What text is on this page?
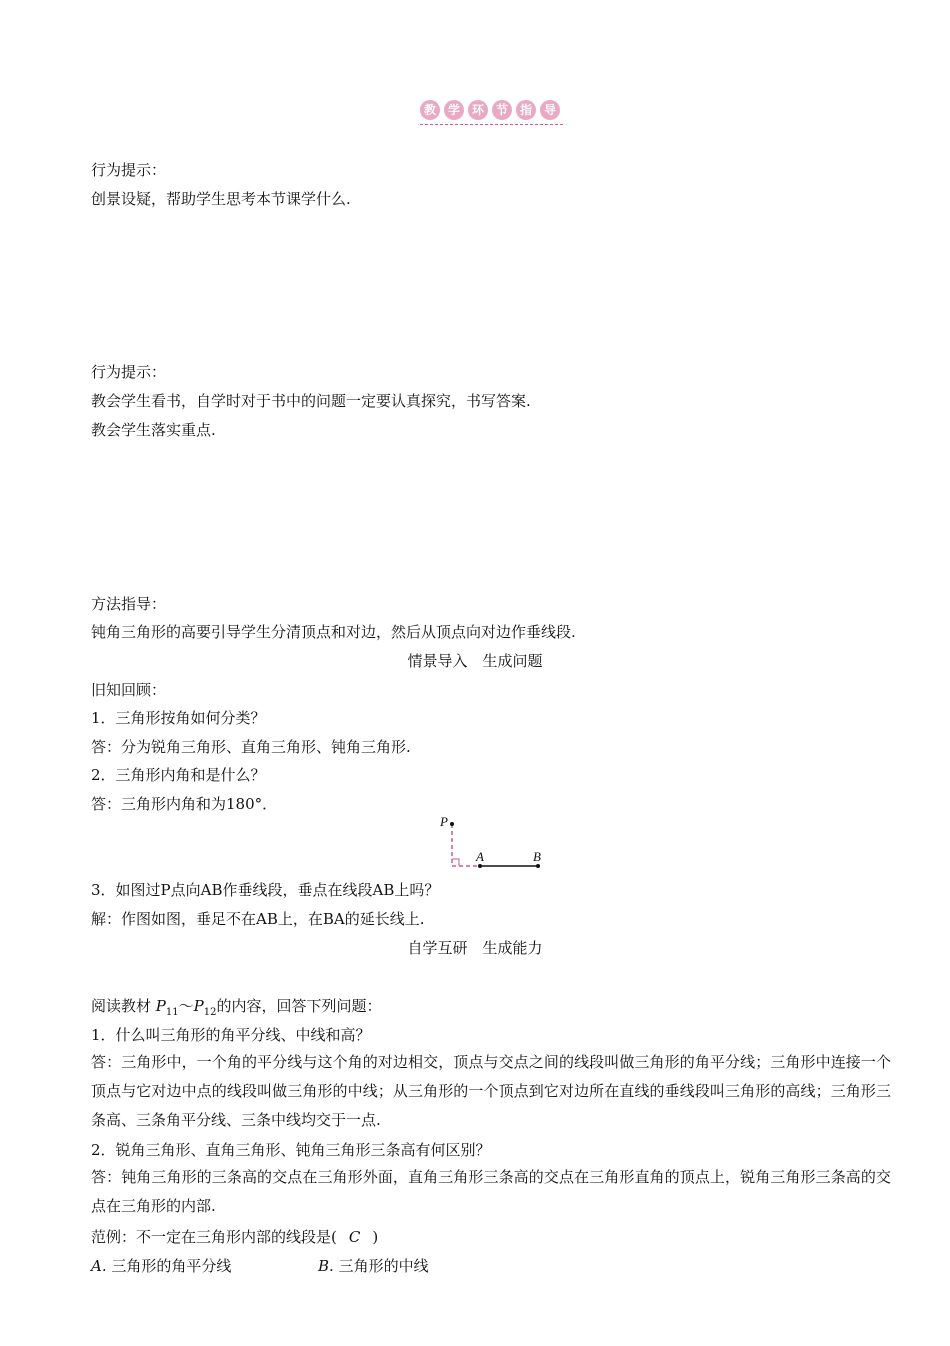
教 学 环 节 指 导
行为提示：
创景设疑，帮助学生思考本节课学什么.
行为提示：
教会学生看书，自学时对于书中的问题一定要认真探究，书写答案.
教会学生落实重点.
方法指导：
钝角三角形的高要引导学生分清顶点和对边，然后从顶点向对边作垂线段.
情景导入　生成问题
旧知回顾：
1．三角形按角如何分类？
答：分为锐角三角形、直角三角形、钝角三角形.
2．三角形内角和是什么？
答：三角形内角和为180°．
P
A	B
3．如图过P点向AB作垂线段，垂点在线段AB上吗？
解：作图如图，垂足不在AB上，在BA的延长线上.
自学互研　生成能力
阅读教材 $P_{11}\sim P_{12}$的内容，回答下列问题：
1．什么叫三角形的角平分线、中线和高？
答：三角形中，一个角的平分线与这个角的对边相交，顶点与交点之间的线段叫做三角形的角平分线；三角形中连接一个顶点与它对边中点的线段叫做三角形的中线；从三角形的一个顶点到它对边所在直线的垂线段叫三角形的高线；三角形三条高、三条角平分线、三条中线均交于一点.
2．锐角三角形、直角三角形、钝角三角形三条高有何区别？
答：钝角三角形的三条高的交点在三角形外面，直角三角形三条高的交点在三角形直角的顶点上，锐角三角形三条高的交点在三角形的内部.
范例：不一定在三角形内部的线段是( C )
A. 三角形的角平分线	B. 三角形的中线
